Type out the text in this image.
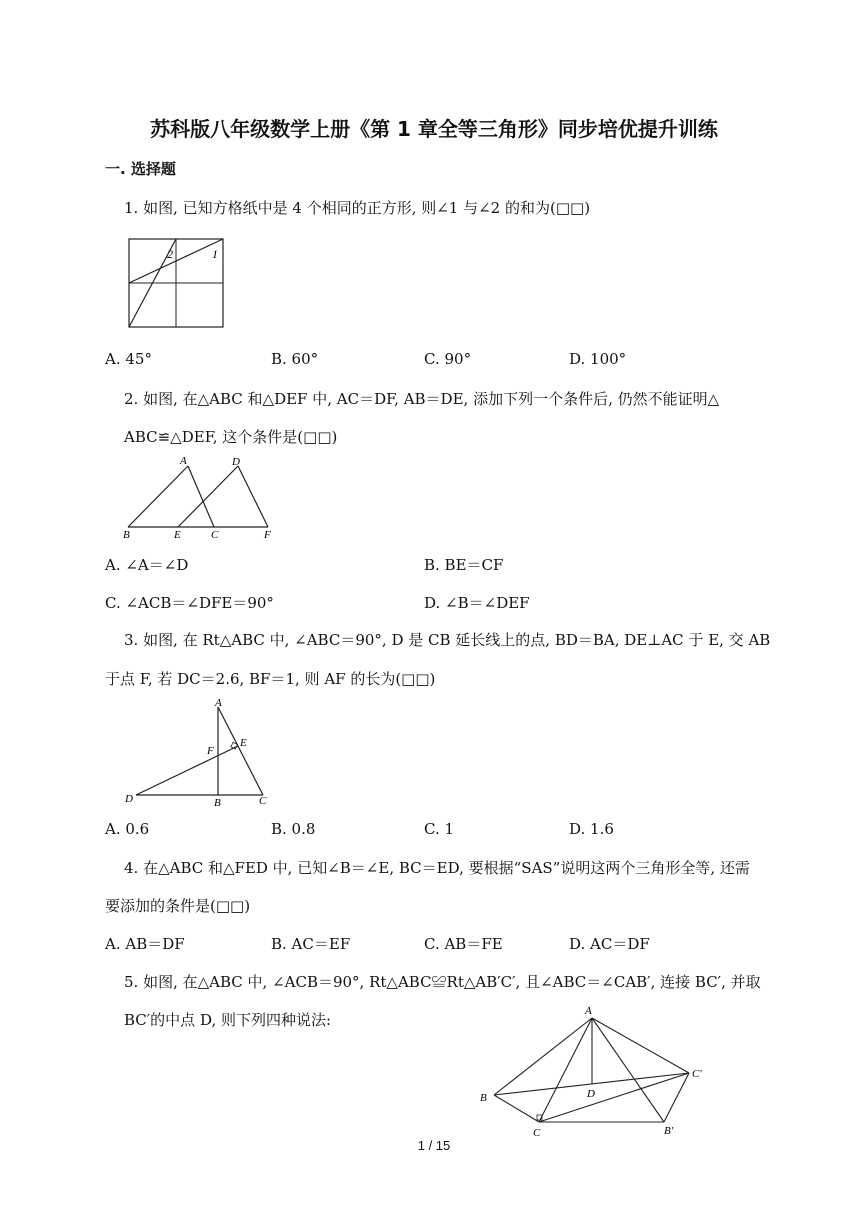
苏科版八年级数学上册《第 1 章全等三角形》同步培优提升训练
一. 选择题
1. 如图, 已知方格纸中是 4 个相同的正方形, 则∠1 与∠2 的和为(□□)
2	1
A. 45°	B. 60°	C. 90°	D. 100°
2. 如图, 在△ABC 和△DEF 中, AC＝DF, AB＝DE, 添加下列一个条件后, 仍然不能证明△
ABC≌△DEF, 这个条件是(□□)
A	D
B	E	C	F
A. ∠A＝∠D	B. BE＝CF
C. ∠ACB＝∠DFE＝90°	D. ∠B＝∠DEF
3. 如图, 在 Rt△ABC 中, ∠ABC＝90°, D 是 CB 延长线上的点, BD＝BA, DE⊥AC 于 E, 交 AB
于点 F, 若 DC＝2.6, BF＝1, 则 AF 的长为(□□)
A
E
F
D	B	C
A. 0.6	B. 0.8	C. 1	D. 1.6
4. 在△ABC 和△FED 中, 已知∠B＝∠E, BC＝ED, 要根据“SAS”说明这两个三角形全等, 还需
要添加的条件是(□□)
A. AB＝DF	B. AC＝EF	C. AB＝FE	D. AC＝DF
5. 如图, 在△ABC 中, ∠ACB＝90°, Rt△ABC≌Rt△AB′C′, 且∠ABC＝∠CAB′, 连接 BC′, 并取
BC′的中点 D, 则下列四种说法:	A
C′
D
B
C	B′
1 / 15
